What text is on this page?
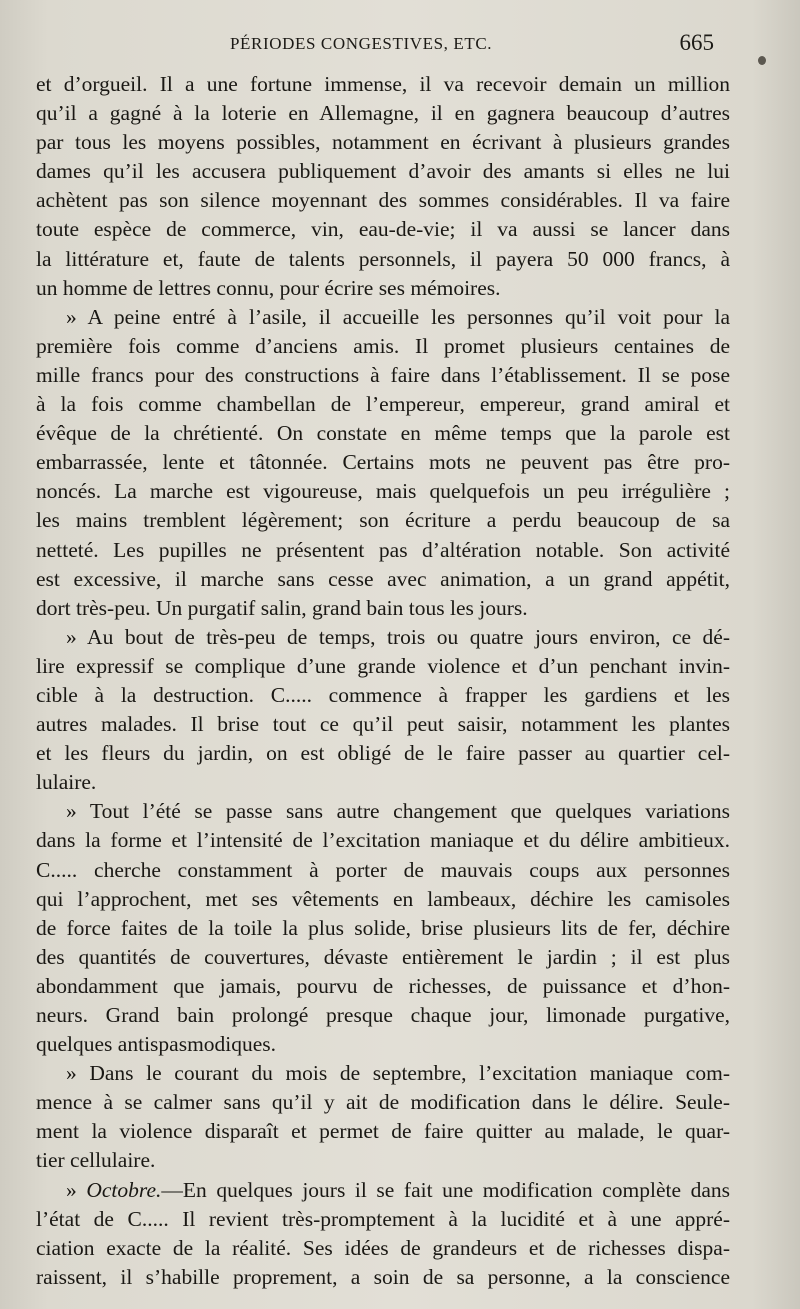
PÉRIODES CONGESTIVES, ETC.	665
et d’orgueil. Il a une fortune immense, il va recevoir demain un million
qu’il a gagné à la loterie en Allemagne, il en gagnera beaucoup d’autres
par tous les moyens possibles, notamment en écrivant à plusieurs grandes
dames qu’il les accusera publiquement d’avoir des amants si elles ne lui
achètent pas son silence moyennant des sommes considérables. Il va faire
toute espèce de commerce, vin, eau-de-vie; il va aussi se lancer dans
la littérature et, faute de talents personnels, il payera 50 000 francs, à
un homme de lettres connu, pour écrire ses mémoires.
» A peine entré à l’asile, il accueille les personnes qu’il voit pour la
première fois comme d’anciens amis. Il promet plusieurs centaines de
mille francs pour des constructions à faire dans l’établissement. Il se pose
à la fois comme chambellan de l’empereur, empereur, grand amiral et
évêque de la chrétienté. On constate en même temps que la parole est
embarrassée, lente et tâtonnée. Certains mots ne peuvent pas être pro-
noncés. La marche est vigoureuse, mais quelquefois un peu irrégulière ;
les mains tremblent légèrement; son écriture a perdu beaucoup de sa
netteté. Les pupilles ne présentent pas d’altération notable. Son activité
est excessive, il marche sans cesse avec animation, a un grand appétit,
dort très-peu. Un purgatif salin, grand bain tous les jours.
» Au bout de très-peu de temps, trois ou quatre jours environ, ce dé-
lire expressif se complique d’une grande violence et d’un penchant invin-
cible à la destruction. C..... commence à frapper les gardiens et les
autres malades. Il brise tout ce qu’il peut saisir, notamment les plantes
et les fleurs du jardin, on est obligé de le faire passer au quartier cel-
lulaire.
» Tout l’été se passe sans autre changement que quelques variations
dans la forme et l’intensité de l’excitation maniaque et du délire ambitieux.
C..... cherche constamment à porter de mauvais coups aux personnes
qui l’approchent, met ses vêtements en lambeaux, déchire les camisoles
de force faites de la toile la plus solide, brise plusieurs lits de fer, déchire
des quantités de couvertures, dévaste entièrement le jardin ; il est plus
abondamment que jamais, pourvu de richesses, de puissance et d’hon-
neurs. Grand bain prolongé presque chaque jour, limonade purgative,
quelques antispasmodiques.
» Dans le courant du mois de septembre, l’excitation maniaque com-
mence à se calmer sans qu’il y ait de modification dans le délire. Seule-
ment la violence disparaît et permet de faire quitter au malade, le quar-
tier cellulaire.
» Octobre.—En quelques jours il se fait une modification complète dans
l’état de C..... Il revient très-promptement à la lucidité et à une appré-
ciation exacte de la réalité. Ses idées de grandeurs et de richesses dispa-
raissent, il s’habille proprement, a soin de sa personne, a la conscience
